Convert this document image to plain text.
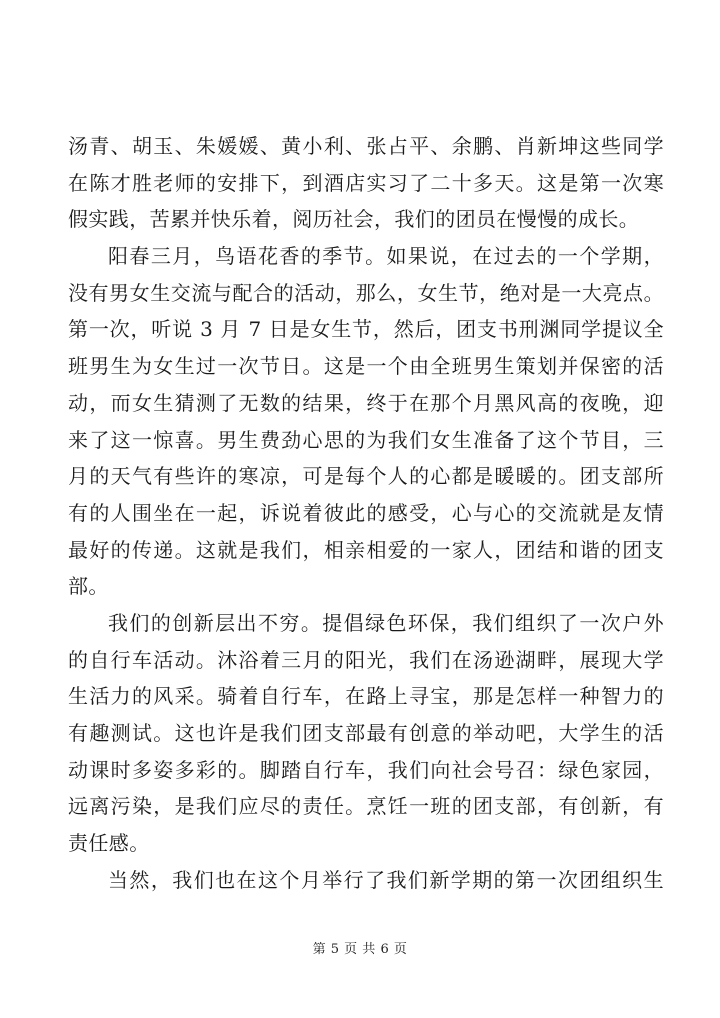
汤青、胡玉、朱媛媛、黄小利、张占平、余鹏、肖新坤这些同学
在陈才胜老师的安排下，到酒店实习了二十多天。这是第一次寒
假实践，苦累并快乐着，阅历社会，我们的团员在慢慢的成长。
阳春三月，鸟语花香的季节。如果说，在过去的一个学期，
没有男女生交流与配合的活动，那么，女生节，绝对是一大亮点。
第一次，听说 3 月 7 日是女生节，然后，团支书刑渊同学提议全
班男生为女生过一次节日。这是一个由全班男生策划并保密的活
动，而女生猜测了无数的结果，终于在那个月黑风高的夜晚，迎
来了这一惊喜。男生费劲心思的为我们女生准备了这个节目，三
月的天气有些许的寒凉，可是每个人的心都是暖暖的。团支部所
有的人围坐在一起，诉说着彼此的感受，心与心的交流就是友情
最好的传递。这就是我们，相亲相爱的一家人，团结和谐的团支
部。
我们的创新层出不穷。提倡绿色环保，我们组织了一次户外
的自行车活动。沐浴着三月的阳光，我们在汤逊湖畔，展现大学
生活力的风采。骑着自行车，在路上寻宝，那是怎样一种智力的
有趣测试。这也许是我们团支部最有创意的举动吧，大学生的活
动课时多姿多彩的。脚踏自行车，我们向社会号召：绿色家园，
远离污染，是我们应尽的责任。烹饪一班的团支部，有创新，有
责任感。
当然，我们也在这个月举行了我们新学期的第一次团组织生
第 5 页 共 6 页
